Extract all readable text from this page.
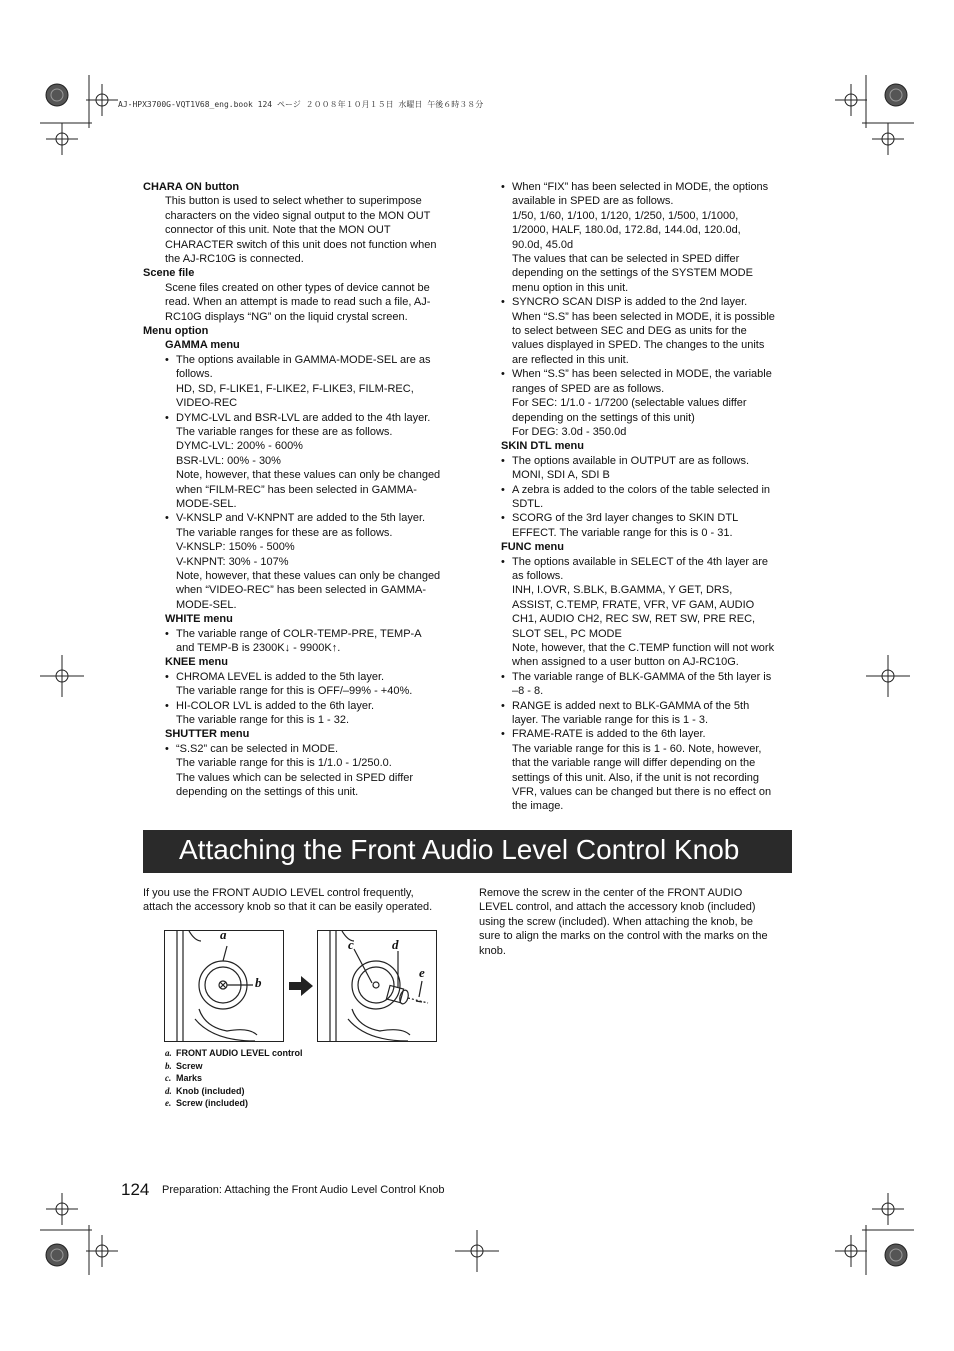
AJ-HPX3700G-VQT1V68_eng.book 124 ページ ２００８年１０月１５日 水曜日 午後６時３８分
CHARA ON button
This button is used to select whether to superimpose
characters on the video signal output to the MON OUT
connector of this unit. Note that the MON OUT
CHARACTER switch of this unit does not function when
the AJ-RC10G is connected.
Scene file
Scene files created on other types of device cannot be
read. When an attempt is made to read such a file, AJ-
RC10G displays “NG” on the liquid crystal screen.
Menu option
GAMMA menu
• The options available in GAMMA-MODE-SEL are as
follows.
HD, SD, F-LIKE1, F-LIKE2, F-LIKE3, FILM-REC,
VIDEO-REC
• DYMC-LVL and BSR-LVL are added to the 4th layer.
The variable ranges for these are as follows.
DYMC-LVL: 200% - 600%
BSR-LVL: 00% - 30%
Note, however, that these values can only be changed
when “FILM-REC” has been selected in GAMMA-
MODE-SEL.
• V-KNSLP and V-KNPNT are added to the 5th layer.
The variable ranges for these are as follows.
V-KNSLP: 150% - 500%
V-KNPNT: 30% - 107%
Note, however, that these values can only be changed
when “VIDEO-REC” has been selected in GAMMA-
MODE-SEL.
WHITE menu
• The variable range of COLR-TEMP-PRE, TEMP-A
and TEMP-B is 2300K↓ - 9900K↑.
KNEE menu
• CHROMA LEVEL is added to the 5th layer.
The variable range for this is OFF/–99% - +40%.
• HI-COLOR LVL is added to the 6th layer.
The variable range for this is 1 - 32.
SHUTTER menu
• “S.S2” can be selected in MODE.
The variable range for this is 1/1.0 - 1/250.0.
The values which can be selected in SPED differ
depending on the settings of this unit.
• When “FIX” has been selected in MODE, the options
available in SPED are as follows.
1/50, 1/60, 1/100, 1/120, 1/250, 1/500, 1/1000,
1/2000, HALF, 180.0d, 172.8d, 144.0d, 120.0d,
90.0d, 45.0d
The values that can be selected in SPED differ
depending on the settings of the SYSTEM MODE
menu option in this unit.
• SYNCRO SCAN DISP is added to the 2nd layer.
When “S.S” has been selected in MODE, it is possible
to select between SEC and DEG as units for the
values displayed in SPED. The changes to the units
are reflected in this unit.
• When “S.S” has been selected in MODE, the variable
ranges of SPED are as follows.
For SEC: 1/1.0 - 1/7200 (selectable values differ
depending on the settings of this unit)
For DEG: 3.0d - 350.0d
SKIN DTL menu
• The options available in OUTPUT are as follows.
MONI, SDI A, SDI B
• A zebra is added to the colors of the table selected in
SDTL.
• SCORG of the 3rd layer changes to SKIN DTL
EFFECT. The variable range for this is 0 - 31.
FUNC menu
• The options available in SELECT of the 4th layer are
as follows.
INH, I.OVR, S.BLK, B.GAMMA, Y GET, DRS,
ASSIST, C.TEMP, FRATE, VFR, VF GAM, AUDIO
CH1, AUDIO CH2, REC SW, RET SW, PRE REC,
SLOT SEL, PC MODE
Note, however, that the C.TEMP function will not work
when assigned to a user button on AJ-RC10G.
• The variable range of BLK-GAMMA of the 5th layer is
–8 - 8.
• RANGE is added next to BLK-GAMMA of the 5th
layer. The variable range for this is 1 - 3.
• FRAME-RATE is added to the 6th layer.
The variable range for this is 1 - 60. Note, however,
that the variable range will differ depending on the
settings of this unit. Also, if the unit is not recording
VFR, values can be changed but there is no effect on
the image.
Attaching the Front Audio Level Control Knob
If you use the FRONT AUDIO LEVEL control frequently,
attach the accessory knob so that it can be easily operated.
Remove the screw in the center of the FRONT AUDIO
LEVEL control, and attach the accessory knob (included)
using the screw (included). When attaching the knob, be
sure to align the marks on the control with the marks on the
knob.
a
b
c	d
e
a. FRONT AUDIO LEVEL control
b. Screw
c. Marks
d. Knob (included)
e. Screw (included)
124 Preparation: Attaching the Front Audio Level Control Knob
